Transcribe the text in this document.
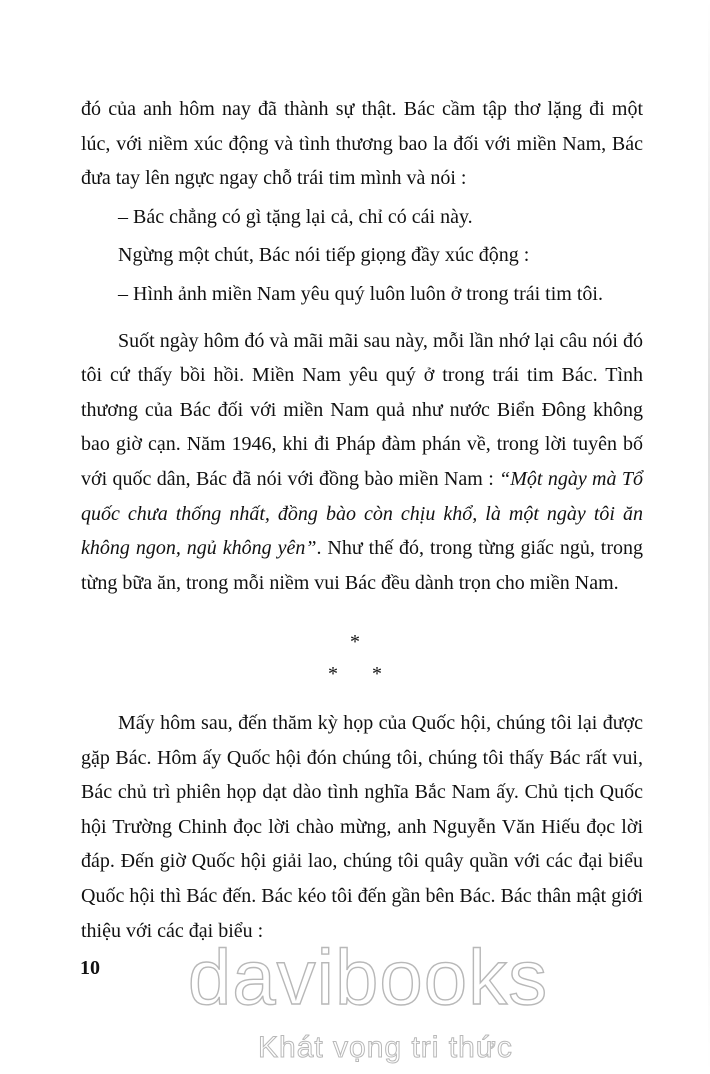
đó của anh hôm nay đã thành sự thật. Bác cầm tập thơ lặng đi một lúc, với niềm xúc động và tình thương bao la đối với miền Nam, Bác đưa tay lên ngực ngay chỗ trái tim mình và nói :

– Bác chẳng có gì tặng lại cả, chỉ có cái này.

Ngừng một chút, Bác nói tiếp giọng đầy xúc động :

– Hình ảnh miền Nam yêu quý luôn luôn ở trong trái tim tôi.

Suốt ngày hôm đó và mãi mãi sau này, mỗi lần nhớ lại câu nói đó tôi cứ thấy bồi hồi. Miền Nam yêu quý ở trong trái tim Bác. Tình thương của Bác đối với miền Nam quả như nước Biển Đông không bao giờ cạn. Năm 1946, khi đi Pháp đàm phán về, trong lời tuyên bố với quốc dân, Bác đã nói với đồng bào miền Nam : “Một ngày mà Tổ quốc chưa thống nhất, đồng bào còn chịu khổ, là một ngày tôi ăn không ngon, ngủ không yên”. Như thế đó, trong từng giấc ngủ, trong từng bữa ăn, trong mỗi niềm vui Bác đều dành trọn cho miền Nam.

*
* *

Mấy hôm sau, đến thăm kỳ họp của Quốc hội, chúng tôi lại được gặp Bác. Hôm ấy Quốc hội đón chúng tôi, chúng tôi thấy Bác rất vui, Bác chủ trì phiên họp dạt dào tình nghĩa Bắc Nam ấy. Chủ tịch Quốc hội Trường Chinh đọc lời chào mừng, anh Nguyễn Văn Hiếu đọc lời đáp. Đến giờ Quốc hội giải lao, chúng tôi quây quần với các đại biểu Quốc hội thì Bác đến. Bác kéo tôi đến gần bên Bác. Bác thân mật giới thiệu với các đại biểu :

10	davibooks
Khát vọng tri thức
